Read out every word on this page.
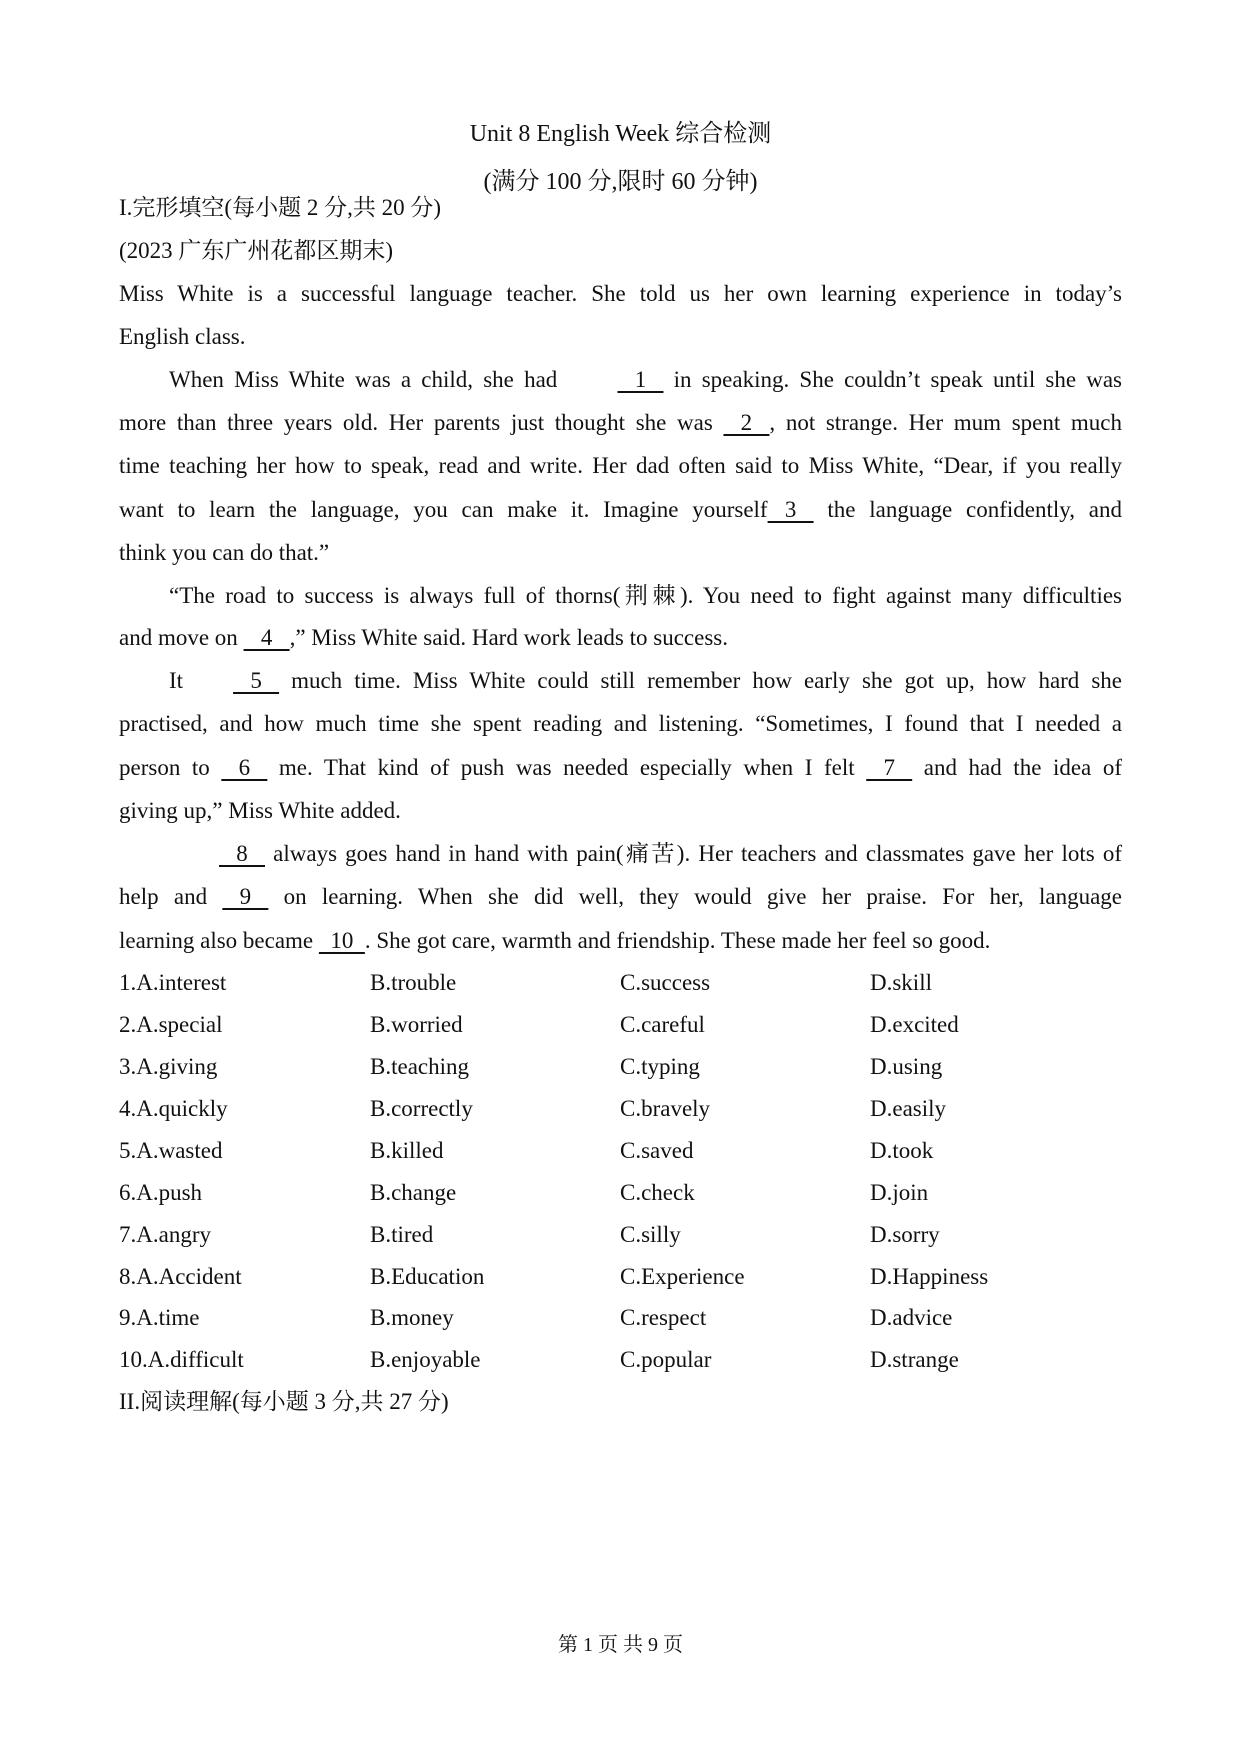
Unit 8 English Week 综合检测
(满分 100 分,限时 60 分钟)
I.完形填空(每小题 2 分,共 20 分)
(2023 广东广州花都区期末)
Miss White is a successful language teacher. She told us her own learning experience in today’s
English class.
When Miss White was a child, she had    1    in speaking. She couldn’t speak until she was
more than three years old. Her parents just thought she was    2   , not strange. Her mum spent much
time teaching her how to speak, read and write. Her dad often said to Miss White, “Dear, if you really
want to learn the language, you can make it. Imagine yourself   3    the language confidently, and
think you can do that.”
“The road to success is always full of thorns(荆棘). You need to fight against many difficulties
and move on    4   ,” Miss White said. Hard work leads to success.
It   5    much time. Miss White could still remember how early she got up, how hard she
practised, and how much time she spent reading and listening. “Sometimes, I found that I needed a
person to    6    me. That kind of push was needed especially when I felt    7    and had the idea of
giving up,” Miss White added.
8    always goes hand in hand with pain(痛苦). Her teachers and classmates gave her lots of
help and    9    on learning. When she did well, they would give her praise. For her, language
learning also became   10  . She got care, warmth and friendship. These made her feel so good.
1.A.interest	B.trouble	C.success	D.skill
2.A.special	B.worried	C.careful	D.excited
3.A.giving	B.teaching	C.typing	D.using
4.A.quickly	B.correctly	C.bravely	D.easily
5.A.wasted	B.killed	C.saved	D.took
6.A.push	B.change	C.check	D.join
7.A.angry	B.tired	C.silly	D.sorry
8.A.Accident	B.Education	C.Experience	D.Happiness
9.A.time	B.money	C.respect	D.advice
10.A.difficult	B.enjoyable	C.popular	D.strange
II.阅读理解(每小题 3 分,共 27 分)
第 1 页 共 9 页
